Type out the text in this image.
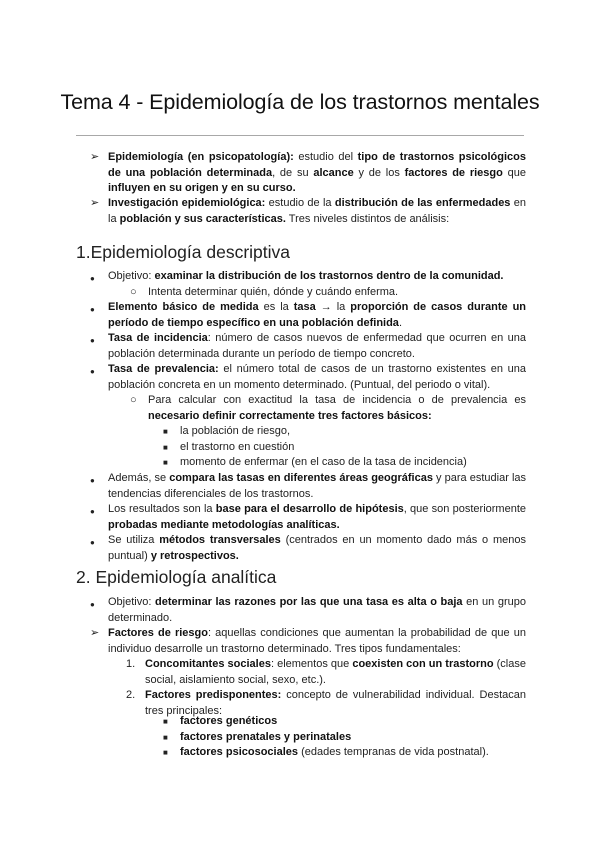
Tema 4 - Epidemiología de los trastornos mentales
➢
Epidemiología (en psicopatología): estudio del tipo de trastornos psicológicos de una población determinada, de su alcance y de los factores de riesgo que influyen en su origen y en su curso.
➢
Investigación epidemiológica: estudio de la distribución de las enfermedades en la población y sus características. Tres niveles distintos de análisis:
1.Epidemiología descriptiva
●
Objetivo: examinar la distribución de los trastornos dentro de la comunidad.
○
Intenta determinar quién, dónde y cuándo enferma.
●
Elemento básico de medida es la tasa → la proporción de casos durante un período de tiempo específico en una población definida.
●
Tasa de incidencia: número de casos nuevos de enfermedad que ocurren en una población determinada durante un período de tiempo concreto.
●
Tasa de prevalencia: el número total de casos de un trastorno existentes en una población concreta en un momento determinado. (Puntual, del periodo o vital).
○
Para calcular con exactitud la tasa de incidencia o de prevalencia es necesario definir correctamente tres factores básicos:
■
la población de riesgo,
■
el trastorno en cuestión
■
momento de enfermar (en el caso de la tasa de incidencia)
●
Además, se compara las tasas en diferentes áreas geográficas y para estudiar las tendencias diferenciales de los trastornos.
●
Los resultados son la base para el desarrollo de hipótesis, que son posteriormente probadas mediante metodologías analíticas.
●
Se utiliza métodos transversales (centrados en un momento dado más o menos puntual) y retrospectivos.
2. Epidemiología analítica
●
Objetivo: determinar las razones por las que una tasa es alta o baja en un grupo determinado.
➢
Factores de riesgo: aquellas condiciones que aumentan la probabilidad de que un individuo desarrolle un trastorno determinado. Tres tipos fundamentales:
1. Concomitantes sociales: elementos que coexisten con un trastorno (clase social, aislamiento social, sexo, etc.).
2. Factores predisponentes: concepto de vulnerabilidad individual. Destacan tres principales:
■
factores genéticos
■
factores prenatales y perinatales
■
factores psicosociales (edades tempranas de vida postnatal).
